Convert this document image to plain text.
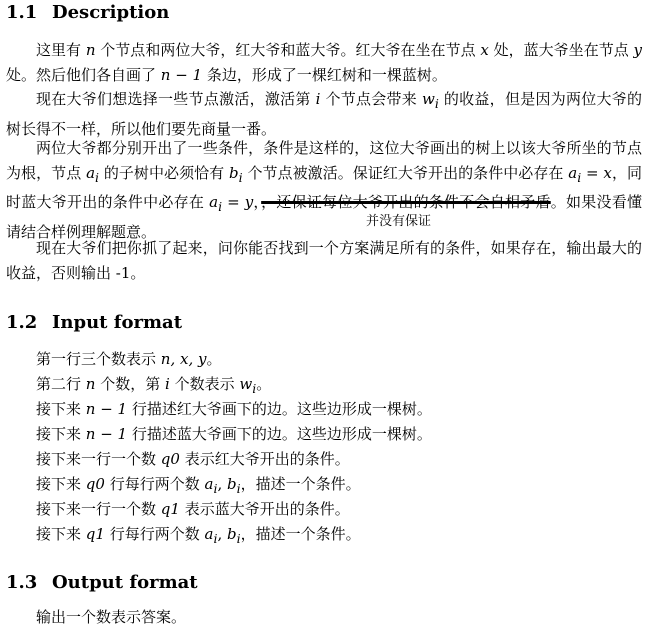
1.1 Description

这里有 n 个节点和两位大爷，红大爷和蓝大爷。红大爷在坐在节点 x 处，蓝大爷坐在节点 y 处。然后他们各自画了 n − 1 条边，形成了一棵红树和一棵蓝树。

现在大爷们想选择一些节点激活，激活第 i 个节点会带来 $w_i$ 的收益，但是因为两位大爷的树长得不一样，所以他们要先商量一番。

两位大爷都分别开出了一些条件，条件是这样的，这位大爷画出的树上以该大爷所坐的节点为根，节点 $a_i$ 的子树中必须恰有 $b_i$ 个节点被激活。保证红大爷开出的条件中必存在 $a_i = x$，同时蓝大爷开出的条件中必存在 $a_i = y$，，还保证每位大爷开出的条件不会自相矛盾。如果没看懂请结合样例理解题意。

并没有保证

现在大爷们把你抓了起来，问你能否找到一个方案满足所有的条件，如果存在，输出最大的收益，否则输出 -1。

1.2 Input format

第一行三个数表示 n, x, y。

第二行 n 个数，第 i 个数表示 $w_i$。

接下来 n − 1 行描述红大爷画下的边。这些边形成一棵树。

接下来 n − 1 行描述蓝大爷画下的边。这些边形成一棵树。

接下来一行一个数 q0 表示红大爷开出的条件。

接下来 q0 行每行两个数 $a_i$, $b_i$，描述一个条件。

接下来一行一个数 q1 表示蓝大爷开出的条件。

接下来 q1 行每行两个数 $a_i$, $b_i$，描述一个条件。

1.3 Output format

输出一个数表示答案。
